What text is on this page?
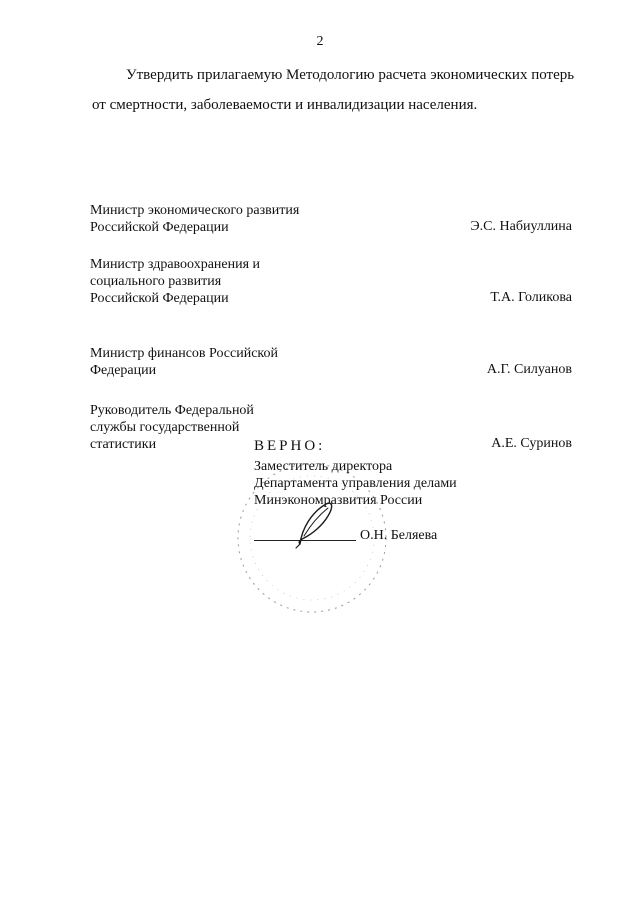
2
Утвердить прилагаемую Методологию расчета экономических потерь
от смертности, заболеваемости и инвалидизации населения.
Министр экономического развития Российской Федерации	Э.С. Набиуллина
Министр здравоохранения и социального развития Российской Федерации	Т.А. Голикова
Министр финансов Российской Федерации	А.Г. Силуанов
Руководитель Федеральной службы государственной статистики	А.Е. Суринов
ВЕРНО:
Заместитель директора
Департамента управления делами
Минэкономразвития России
О.Н. Беляева
